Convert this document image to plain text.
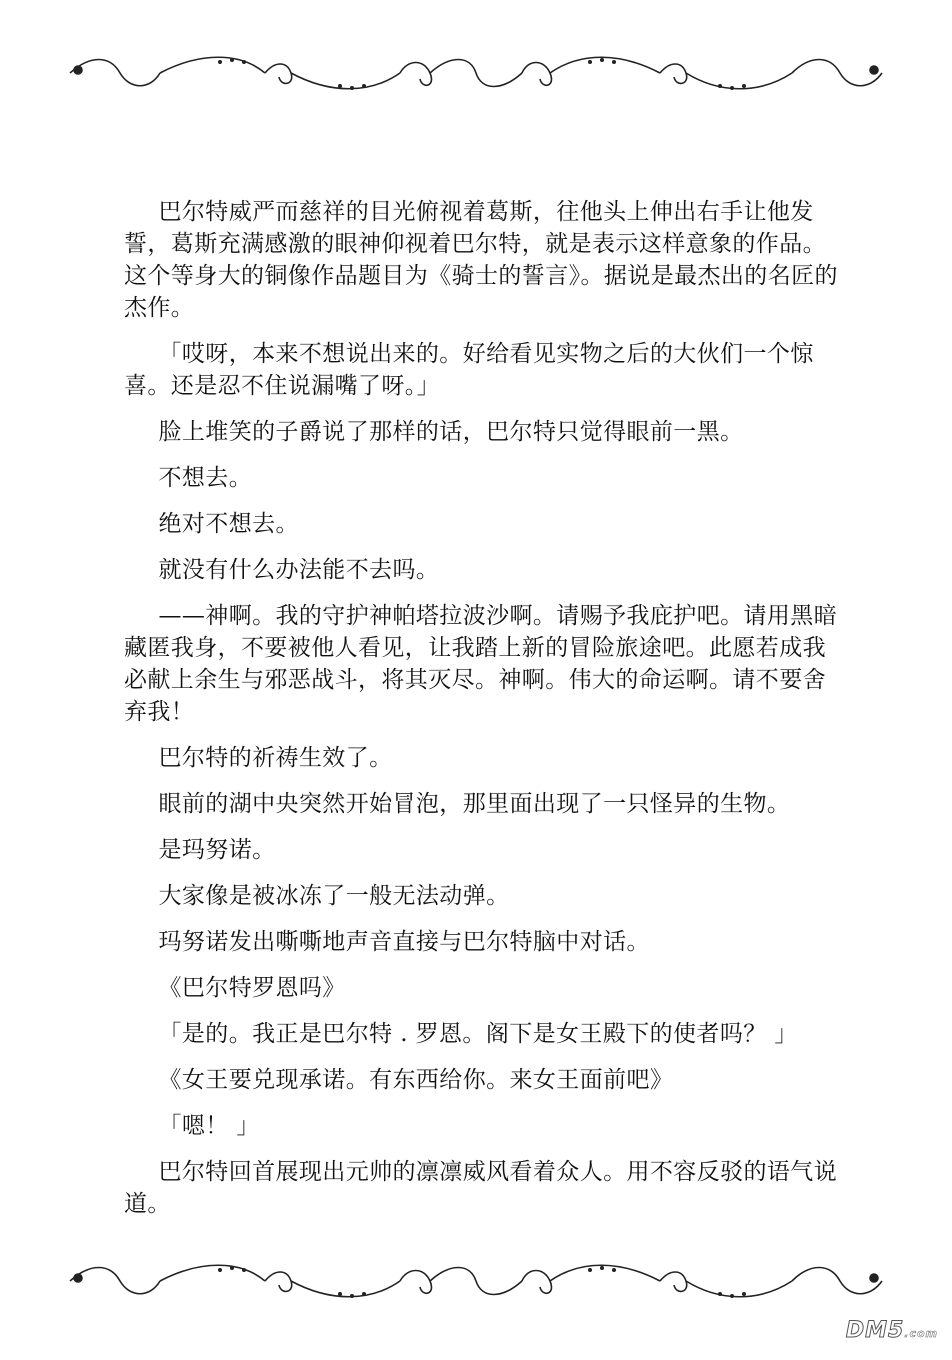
巴尔特威严而慈祥的目光俯视着葛斯，往他头上伸出右手让他发誓，葛斯充满感激的眼神仰视着巴尔特，就是表示这样意象的作品。这个等身大的铜像作品题目为《骑士的誓言》。据说是最杰出的名匠的杰作。

「哎呀，本来不想说出来的。好给看见实物之后的大伙们一个惊喜。还是忍不住说漏嘴了呀。」

脸上堆笑的子爵说了那样的话，巴尔特只觉得眼前一黑。

不想去。

绝对不想去。

就没有什么办法能不去吗。

——神啊。我的守护神帕塔拉波沙啊。请赐予我庇护吧。请用黑暗藏匿我身，不要被他人看见，让我踏上新的冒险旅途吧。此愿若成我必献上余生与邪恶战斗，将其灭尽。神啊。伟大的命运啊。请不要舍弃我！

巴尔特的祈祷生效了。

眼前的湖中央突然开始冒泡，那里面出现了一只怪异的生物。

是玛努诺。

大家像是被冰冻了一般无法动弹。

玛努诺发出嘶嘶地声音直接与巴尔特脑中对话。

《巴尔特罗恩吗》

「是的。我正是巴尔特 . 罗恩。阁下是女王殿下的使者吗？ 」

《女王要兑现承诺。有东西给你。来女王面前吧》

「嗯！ 」

巴尔特回首展现出元帅的凛凛威风看着众人。用不容反驳的语气说道。

DM5.com
